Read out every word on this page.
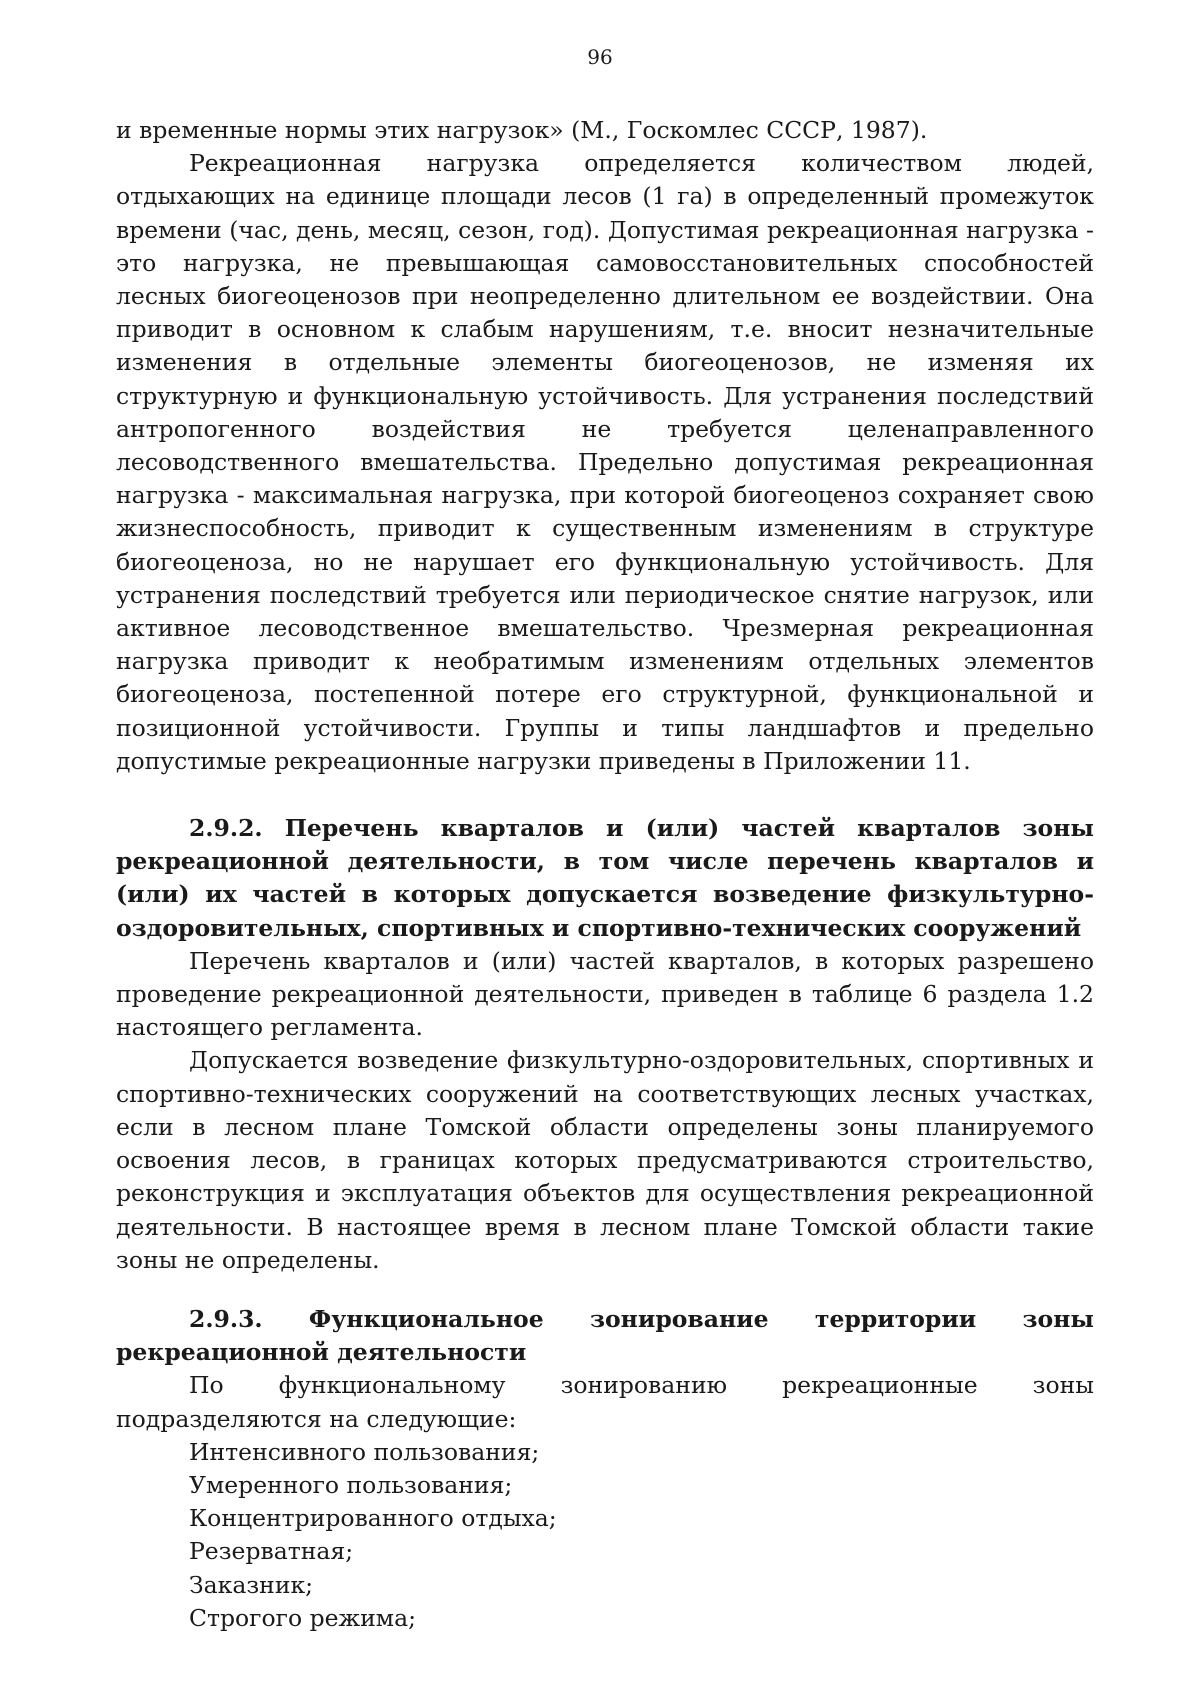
96

и временные нормы этих нагрузок» (М., Госкомлес СССР, 1987).

Рекреационная нагрузка определяется количеством людей, отдыхающих на единице площади лесов (1 га) в определенный промежуток времени (час, день, месяц, сезон, год). Допустимая рекреационная нагрузка - это нагрузка, не превышающая самовосстановительных способностей лесных биогеоценозов при неопределенно длительном ее воздействии. Она приводит в основном к слабым нарушениям, т.е. вносит незначительные изменения в отдельные элементы биогеоценозов, не изменяя их структурную и функциональную устойчивость. Для устранения последствий антропогенного воздействия не требуется целенаправленного лесоводственного вмешательства. Предельно допустимая рекреационная нагрузка - максимальная нагрузка, при которой биогеоценоз сохраняет свою жизнеспособность, приводит к существенным изменениям в структуре биогеоценоза, но не нарушает его функциональную устойчивость. Для устранения последствий требуется или периодическое снятие нагрузок, или активное лесоводственное вмешательство. Чрезмерная рекреационная нагрузка приводит к необратимым изменениям отдельных элементов биогеоценоза, постепенной потере его структурной, функциональной и позиционной устойчивости. Группы и типы ландшафтов и предельно допустимые рекреационные нагрузки приведены в Приложении 11.

2.9.2. Перечень кварталов и (или) частей кварталов зоны рекреационной деятельности, в том числе перечень кварталов и (или) их частей в которых допускается возведение физкультурно-оздоровительных, спортивных и спортивно-технических сооружений

Перечень кварталов и (или) частей кварталов, в которых разрешено проведение рекреационной деятельности, приведен в таблице 6 раздела 1.2 настоящего регламента.

Допускается возведение физкультурно-оздоровительных, спортивных и спортивно-технических сооружений на соответствующих лесных участках, если в лесном плане Томской области определены зоны планируемого освоения лесов, в границах которых предусматриваются строительство, реконструкция и эксплуатация объектов для осуществления рекреационной деятельности. В настоящее время в лесном плане Томской области такие зоны не определены.

2.9.3. Функциональное зонирование территории зоны рекреационной деятельности

По функциональному зонированию рекреационные зоны подразделяются на следующие:

Интенсивного пользования;
Умеренного пользования;
Концентрированного отдыха;
Резерватная;
Заказник;
Строгого режима;
